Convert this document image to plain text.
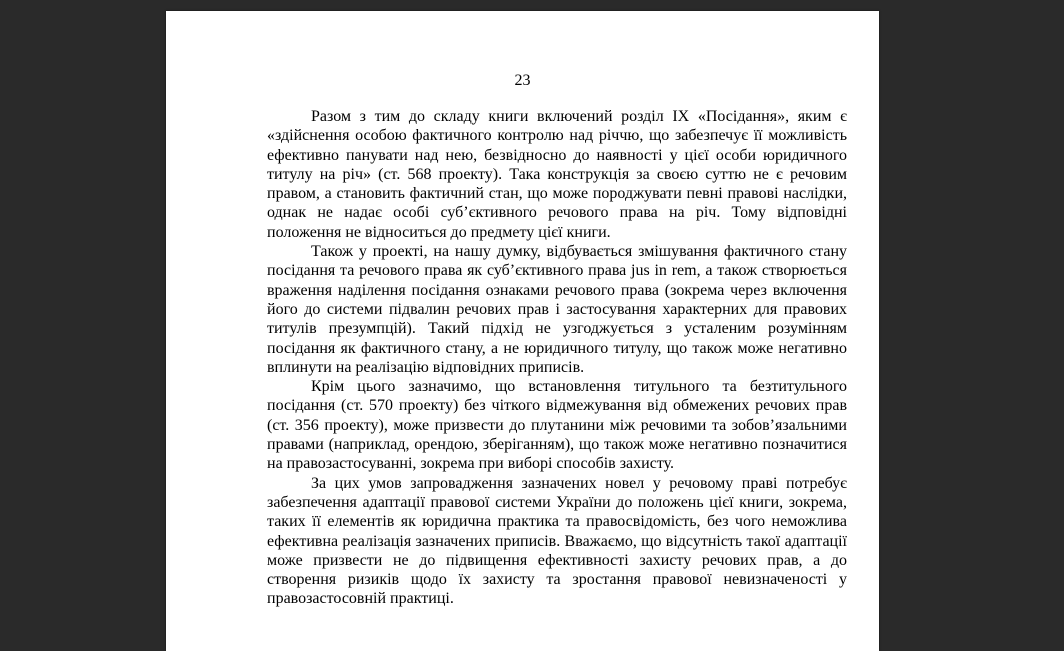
23

Разом з тим до складу книги включений розділ IX «Посідання», яким є «здійснення особою фактичного контролю над річчю, що забезпечує її можливість ефективно панувати над нею, безвідносно до наявності у цієї особи юридичного титулу на річ» (ст. 568 проекту). Така конструкція за своєю суттю не є речовим правом, а становить фактичний стан, що може породжувати певні правові наслідки, однак не надає особі суб’єктивного речового права на річ. Тому відповідні положення не відноситься до предмету цієї книги.

Також у проекті, на нашу думку, відбувається змішування фактичного стану посідання та речового права як суб’єктивного права jus in rem, а також створюється враження наділення посідання ознаками речового права (зокрема через включення його до системи підвалин речових прав і застосування характерних для правових титулів презумпцій). Такий підхід не узгоджується з усталеним розумінням посідання як фактичного стану, а не юридичного титулу, що також може негативно вплинути на реалізацію відповідних приписів.

Крім цього зазначимо, що встановлення титульного та безтитульного посідання (ст. 570 проекту) без чіткого відмежування від обмежених речових прав (ст. 356 проекту), може призвести до плутанини між речовими та зобов’язальними правами (наприклад, орендою, зберіганням), що також може негативно позначитися на правозастосуванні, зокрема при виборі способів захисту.

За цих умов запровадження зазначених новел у речовому праві потребує забезпечення адаптації правової системи України до положень цієї книги, зокрема, таких її елементів як юридична практика та правосвідомість, без чого неможлива ефективна реалізація зазначених приписів. Вважаємо, що відсутність такої адаптації може призвести не до підвищення ефективності захисту речових прав, а до створення ризиків щодо їх захисту та зростання правової невизначеності у правозастосовній практиці.
